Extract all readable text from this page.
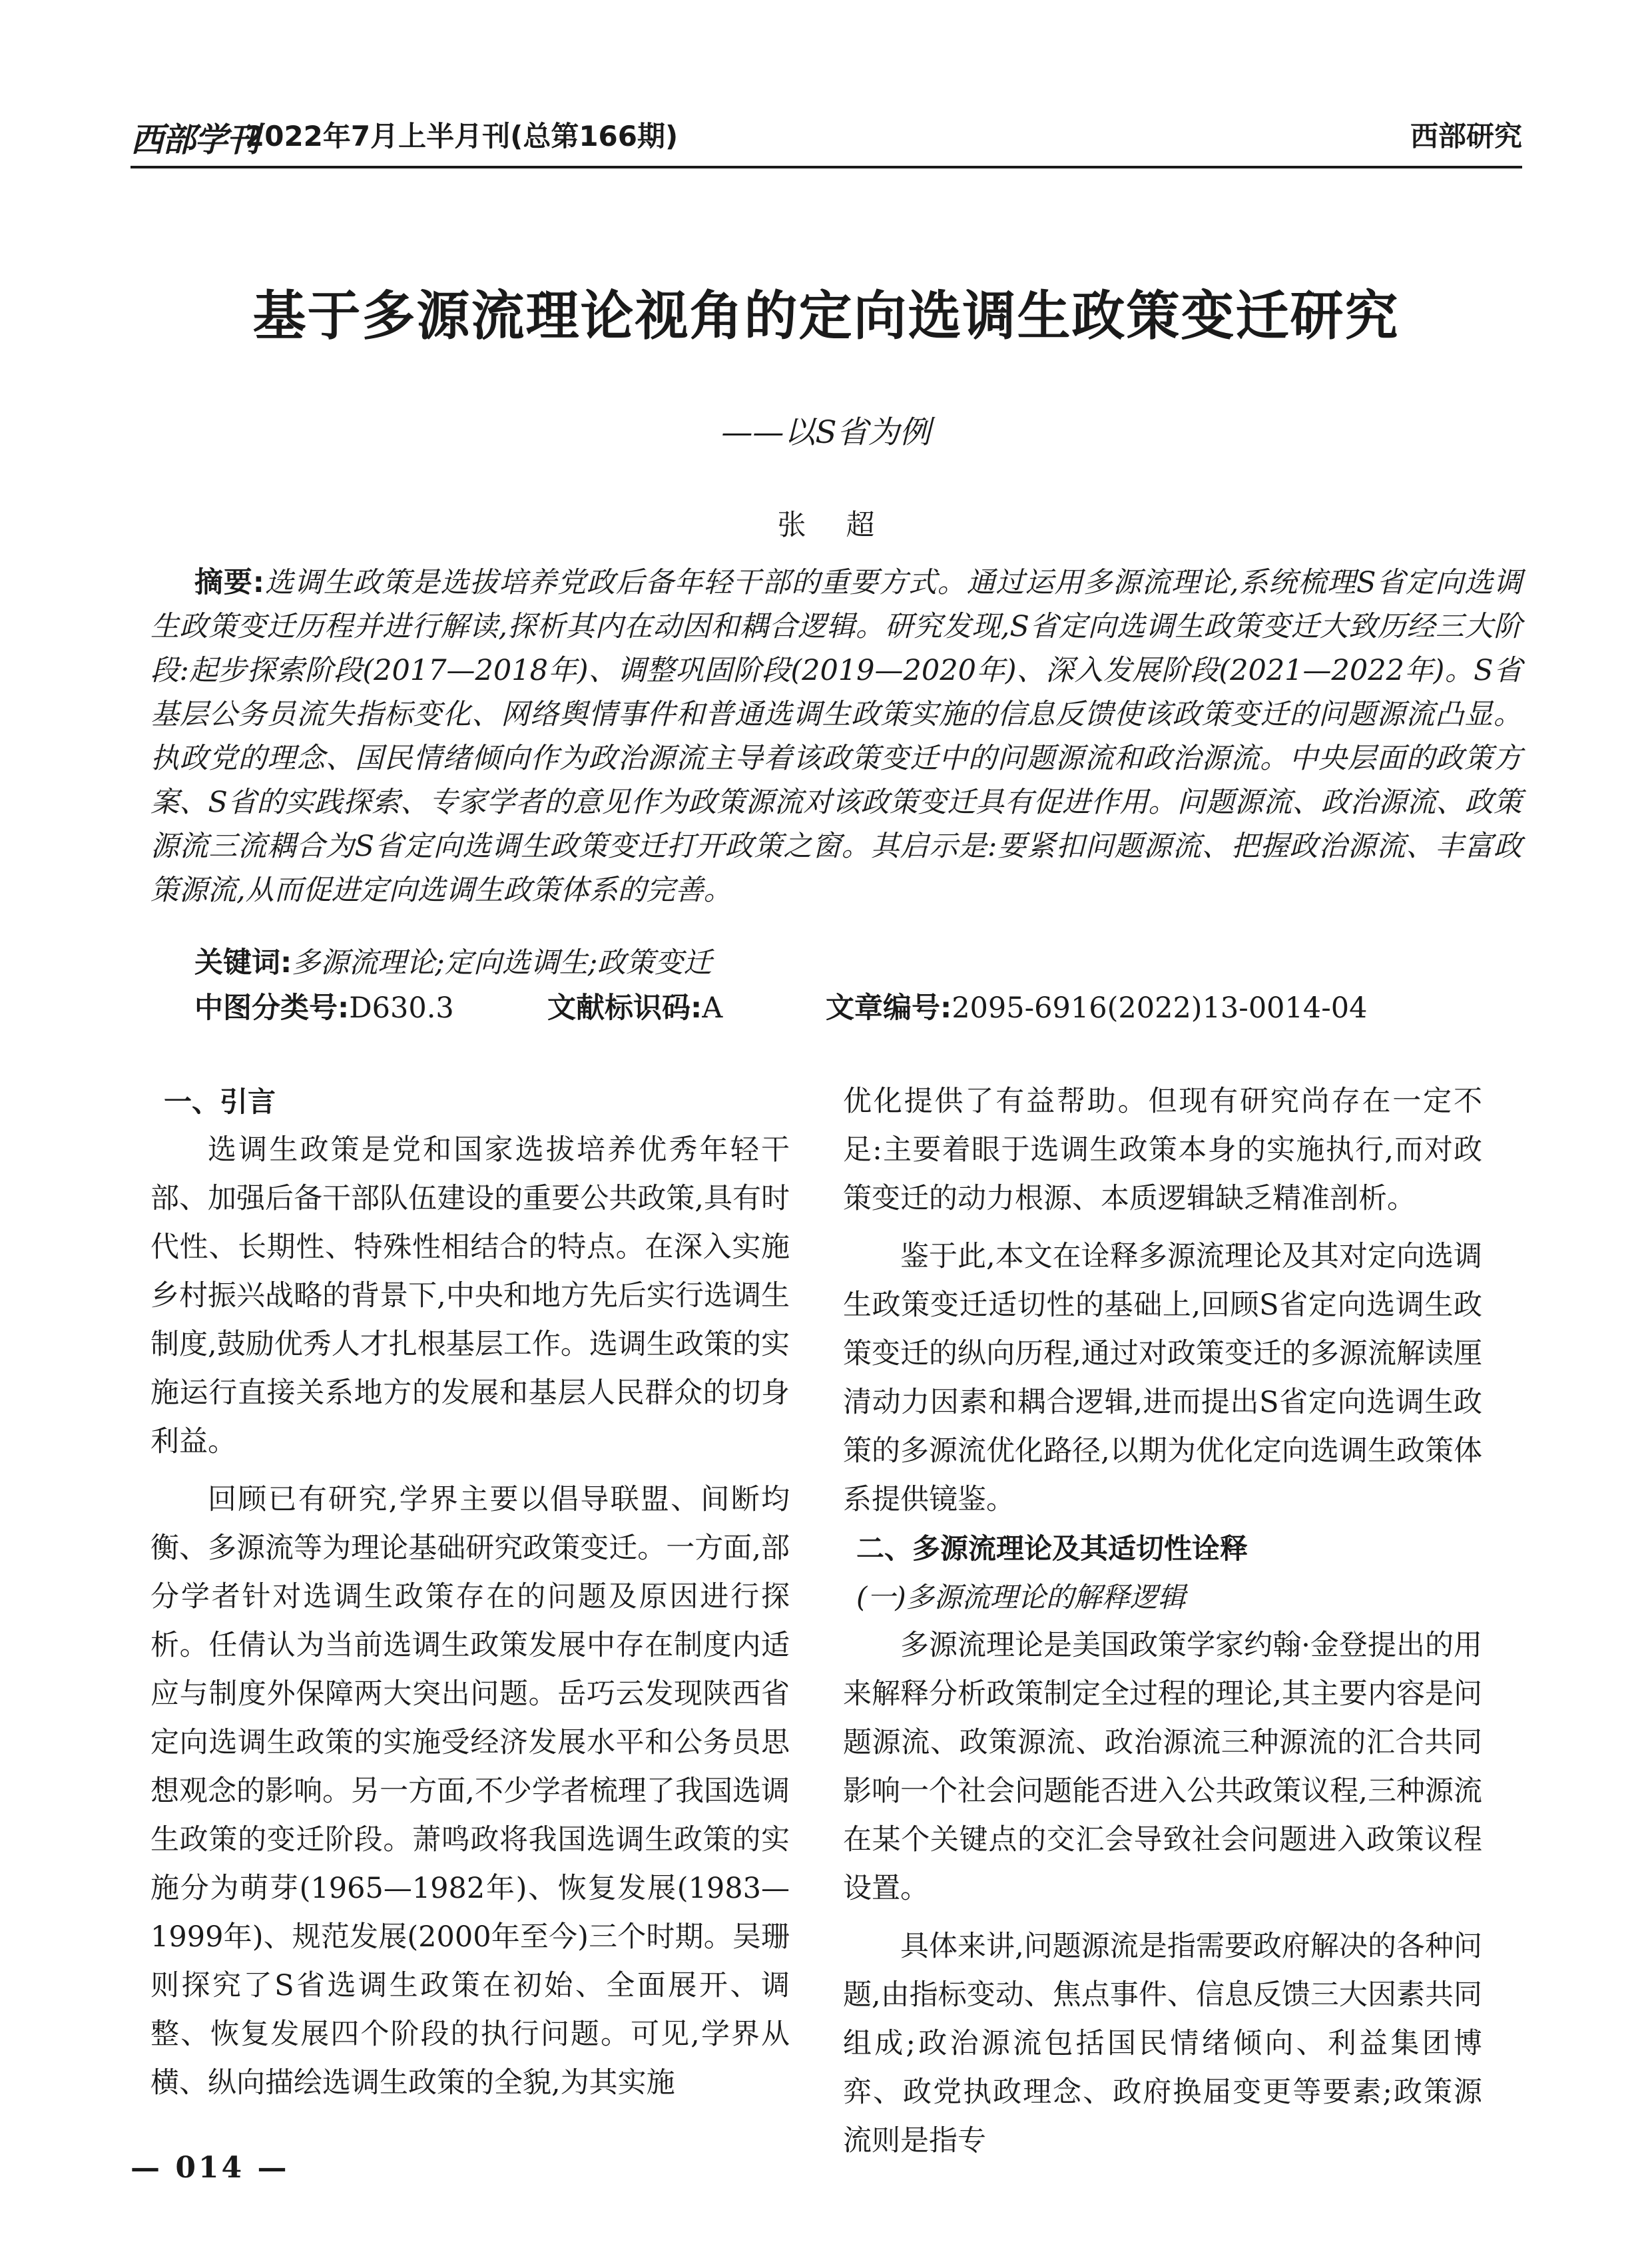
西部学刊
2022年7月上半月刊(总第166期)	西部研究
基于多源流理论视角的定向选调生政策变迁研究
——以S省为例
张超
摘要:选调生政策是选拔培养党政后备年轻干部的重要方式。通过运用多源流理论,系统梳理S省定向选调生政策变迁历程并进行解读,探析其内在动因和耦合逻辑。研究发现,S省定向选调生政策变迁大致历经三大阶段:起步探索阶段(2017—2018年)、调整巩固阶段(2019—2020年)、深入发展阶段(2021—2022年)。S省基层公务员流失指标变化、网络舆情事件和普通选调生政策实施的信息反馈使该政策变迁的问题源流凸显。执政党的理念、国民情绪倾向作为政治源流主导着该政策变迁中的问题源流和政治源流。中央层面的政策方案、S省的实践探索、专家学者的意见作为政策源流对该政策变迁具有促进作用。问题源流、政治源流、政策源流三流耦合为S省定向选调生政策变迁打开政策之窗。其启示是:要紧扣问题源流、把握政治源流、丰富政策源流,从而促进定向选调生政策体系的完善。
关键词:多源流理论;定向选调生;政策变迁
中图分类号:D630.3	文献标识码:A	文章编号:2095-6916(2022)13-0014-04
一、引言

选调生政策是党和国家选拔培养优秀年轻干部、加强后备干部队伍建设的重要公共政策,具有时代性、长期性、特殊性相结合的特点。在深入实施乡村振兴战略的背景下,中央和地方先后实行选调生制度,鼓励优秀人才扎根基层工作。选调生政策的实施运行直接关系地方的发展和基层人民群众的切身利益。

回顾已有研究,学界主要以倡导联盟、间断均衡、多源流等为理论基础研究政策变迁。一方面,部分学者针对选调生政策存在的问题及原因进行探析。任倩认为当前选调生政策发展中存在制度内适应与制度外保障两大突出问题。岳巧云发现陕西省定向选调生政策的实施受经济发展水平和公务员思想观念的影响。另一方面,不少学者梳理了我国选调生政策的变迁阶段。萧鸣政将我国选调生政策的实施分为萌芽(1965—1982年)、恢复发展(1983—1999年)、规范发展(2000年至今)三个时期。吴珊则探究了S省选调生政策在初始、全面展开、调整、恢复发展四个阶段的执行问题。可见,学界从横、纵向描绘选调生政策的全貌,为其实施

优化提供了有益帮助。但现有研究尚存在一定不足:主要着眼于选调生政策本身的实施执行,而对政策变迁的动力根源、本质逻辑缺乏精准剖析。

鉴于此,本文在诠释多源流理论及其对定向选调生政策变迁适切性的基础上,回顾S省定向选调生政策变迁的纵向历程,通过对政策变迁的多源流解读厘清动力因素和耦合逻辑,进而提出S省定向选调生政策的多源流优化路径,以期为优化定向选调生政策体系提供镜鉴。

二、多源流理论及其适切性诠释
(一)多源流理论的解释逻辑

多源流理论是美国政策学家约翰·金登提出的用来解释分析政策制定全过程的理论,其主要内容是问题源流、政策源流、政治源流三种源流的汇合共同影响一个社会问题能否进入公共政策议程,三种源流在某个关键点的交汇会导致社会问题进入政策议程设置。

具体来讲,问题源流是指需要政府解决的各种问题,由指标变动、焦点事件、信息反馈三大因素共同组成;政治源流包括国民情绪倾向、利益集团博弈、政党执政理念、政府换届变更等要素;政策源流则是指专

— 014 —
